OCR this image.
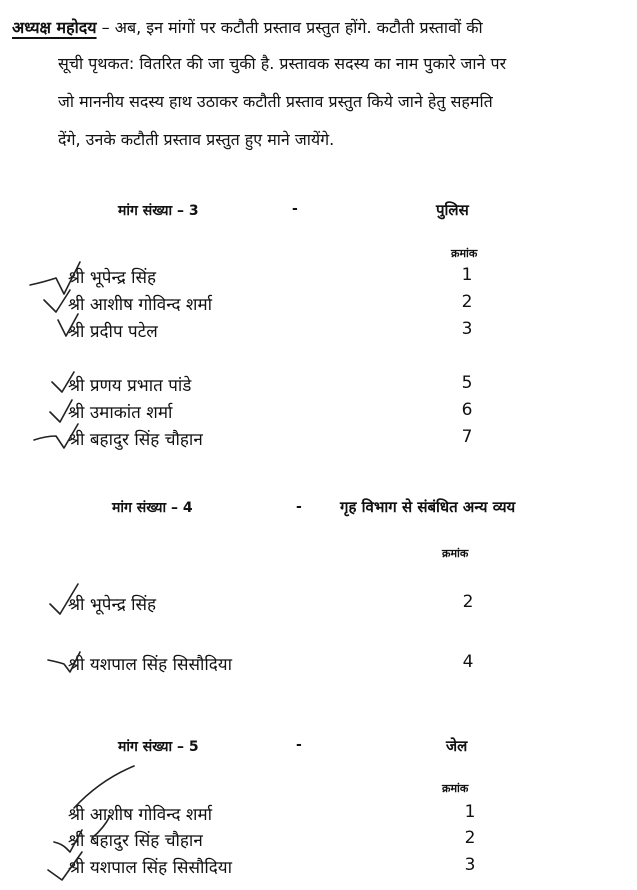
अध्यक्ष महोदय – अब, इन मांगों पर कटौती प्रस्ताव प्रस्तुत होंगे. कटौती प्रस्तावों की
सूची पृथकत: वितरित की जा चुकी है. प्रस्तावक सदस्य का नाम पुकारे जाने पर
जो माननीय सदस्य हाथ उठाकर कटौती प्रस्ताव प्रस्तुत किये जाने हेतु सहमति
देंगे, उनके कटौती प्रस्ताव प्रस्तुत हुए माने जायेंगे.
मांग संख्या – 3	-	पुलिस
क्रमांक
श्री भूपेन्द्र सिंह	1
श्री आशीष गोविन्द शर्मा	2
श्री प्रदीप पटेल	3
श्री प्रणय प्रभात पांडे	5
श्री उमाकांत शर्मा	6
श्री बहादुर सिंह चौहान	7
मांग संख्या – 4	-	गृह विभाग से संबंधित अन्य व्यय
क्रमांक
श्री भूपेन्द्र सिंह	2
श्री यशपाल सिंह सिसौदिया	4
मांग संख्या – 5	-	जेल
क्रमांक
श्री आशीष गोविन्द शर्मा	1
श्री बहादुर सिंह चौहान	2
श्री यशपाल सिंह सिसौदिया	3
